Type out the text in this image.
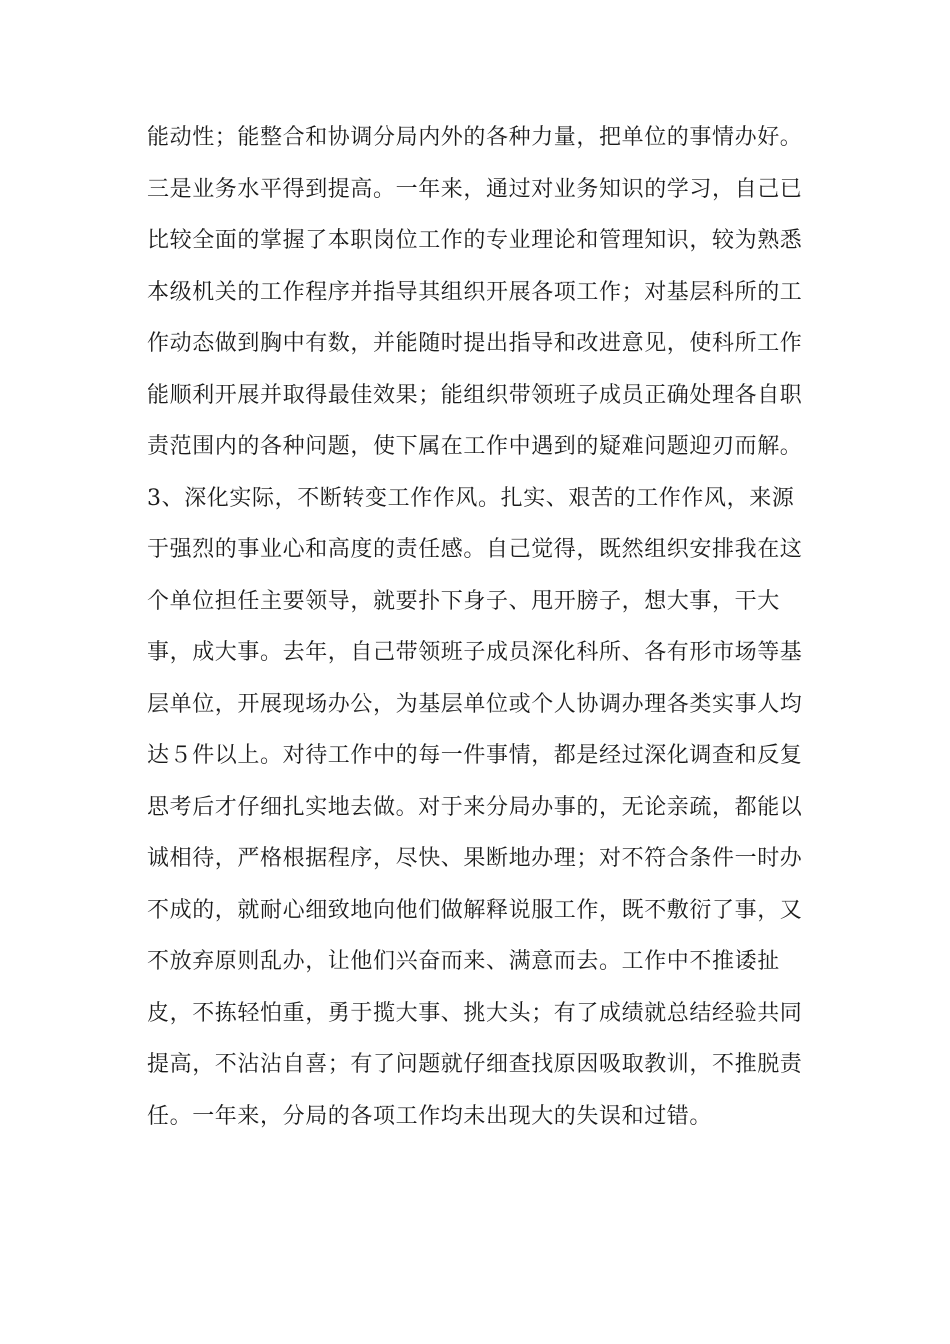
能动性；能整合和协调分局内外的各种力量，把单位的事情办好。
三是业务水平得到提高。一年来，通过对业务知识的学习，自己已
比较全面的掌握了本职岗位工作的专业理论和管理知识，较为熟悉
本级机关的工作程序并指导其组织开展各项工作；对基层科所的工
作动态做到胸中有数，并能随时提出指导和改进意见，使科所工作
能顺利开展并取得最佳效果；能组织带领班子成员正确处理各自职
责范围内的各种问题，使下属在工作中遇到的疑难问题迎刃而解。
3、深化实际，不断转变工作作风。扎实、艰苦的工作作风，来源
于强烈的事业心和高度的责任感。自己觉得，既然组织安排我在这
个单位担任主要领导，就要扑下身子、甩开膀子，想大事，干大
事，成大事。去年，自己带领班子成员深化科所、各有形市场等基
层单位，开展现场办公，为基层单位或个人协调办理各类实事人均
达５件以上。对待工作中的每一件事情，都是经过深化调查和反复
思考后才仔细扎实地去做。对于来分局办事的，无论亲疏，都能以
诚相待，严格根据程序，尽快、果断地办理；对不符合条件一时办
不成的，就耐心细致地向他们做解释说服工作，既不敷衍了事，又
不放弃原则乱办，让他们兴奋而来、满意而去。工作中不推诿扯
皮，不拣轻怕重，勇于揽大事、挑大头；有了成绩就总结经验共同
提高，不沾沾自喜；有了问题就仔细查找原因吸取教训，不推脱责
任。一年来，分局的各项工作均未出现大的失误和过错。
